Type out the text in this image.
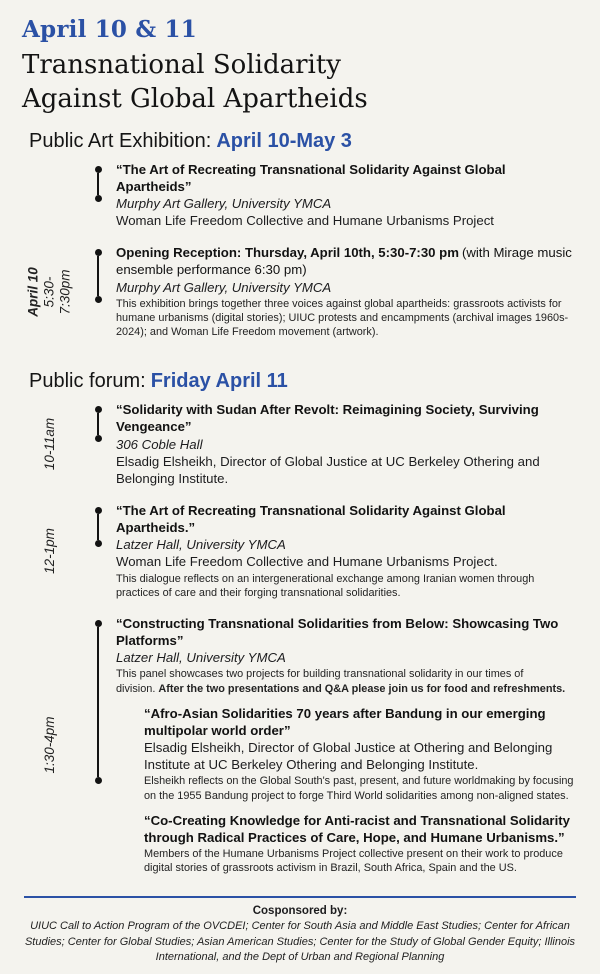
April 10 & 11
Transnational Solidarity
Against Global Apartheids
Public Art Exhibition: April 10-May 3
“The Art of Recreating Transnational Solidarity Against Global Apartheids”
Murphy Art Gallery, University YMCA
Woman Life Freedom Collective and Humane Urbanisms Project
April 10 5:30- 7:30pm
Opening Reception: Thursday, April 10th, 5:30-7:30 pm (with Mirage music ensemble performance 6:30 pm)
Murphy Art Gallery, University YMCA
This exhibition brings together three voices against global apartheids: grassroots activists for humane urbanisms (digital stories); UIUC protests and encampments (archival images 1960s-2024); and Woman Life Freedom movement (artwork).
Public forum: Friday April 11
10-11am
“Solidarity with Sudan After Revolt: Reimagining Society, Surviving Vengeance”
306 Coble Hall
Elsadig Elsheikh, Director of Global Justice at UC Berkeley Othering and Belonging Institute.
12-1pm
“The Art of Recreating Transnational Solidarity Against Global Apartheids.”
Latzer Hall, University YMCA
Woman Life Freedom Collective and Humane Urbanisms Project.
This dialogue reflects on an intergenerational exchange among Iranian women through practices of care and their forging transnational solidarities.
1:30-4pm
“Constructing Transnational Solidarities from Below: Showcasing Two Platforms”
Latzer Hall, University YMCA
This panel showcases two projects for building transnational solidarity in our times of division. After the two presentations and Q&A please join us for food and refreshments.
“Afro-Asian Solidarities 70 years after Bandung in our emerging multipolar world order”
Elsadig Elsheikh, Director of Global Justice at Othering and Belonging Institute at UC Berkeley Othering and Belonging Institute.
Elsheikh reflects on the Global South's past, present, and future worldmaking by focusing on the 1955 Bandung project to forge Third World solidarities among non-aligned states.
“Co-Creating Knowledge for Anti-racist and Transnational Solidarity through Radical Practices of Care, Hope, and Humane Urbanisms.”
Members of the Humane Urbanisms Project collective present on their work to produce digital stories of grassroots activism in Brazil, South Africa, Spain and the US.
Cosponsored by:
UIUC Call to Action Program of the OVCDEI; Center for South Asia and Middle East Studies; Center for African Studies; Center for Global Studies; Asian American Studies; Center for the Study of Global Gender Equity; Illinois International, and the Dept of Urban and Regional Planning
